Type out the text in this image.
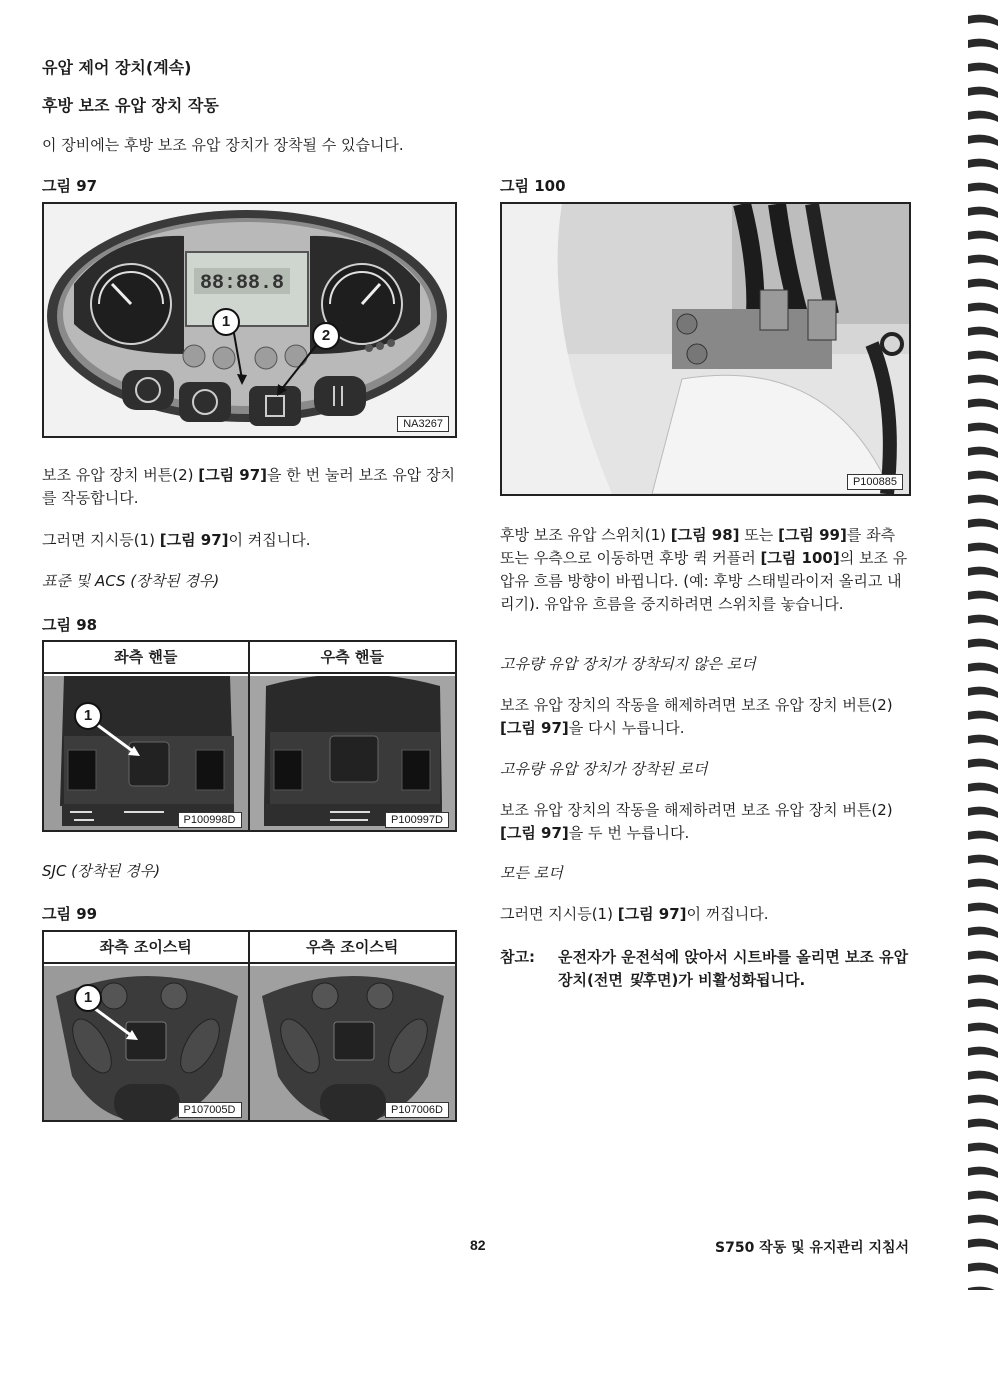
유압 제어 장치(계속)
후방 보조 유압 장치 작동
이 장비에는 후방 보조 유압 장치가 장착될 수 있습니다.
그림 97
88:88.8
1
2
NA3267
보조 유압 장치 버튼(2) [그림 97]을 한 번 눌러 보조 유압 장치를 작동합니다.
그러면 지시등(1) [그림 97]이 켜집니다.
표준 및 ACS (장착된 경우)
그림 98
좌측 핸들
1
P100998D
우측 핸들
P100997D
SJC (장착된 경우)
그림 99
좌측 조이스틱
1
P107005D
우측 조이스틱
P107006D
그림 100
P100885
후방 보조 유압 스위치(1) [그림 98] 또는 [그림 99]를 좌측 또는 우측으로 이동하면 후방 퀵 커플러 [그림 100]의 보조 유압유 흐름 방향이 바뀝니다. (예: 후방 스태빌라이저 올리고 내리기). 유압유 흐름을 중지하려면 스위치를 놓습니다.
고유량 유압 장치가 장착되지 않은 로더
보조 유압 장치의 작동을 해제하려면 보조 유압 장치 버튼(2) [그림 97]을 다시 누릅니다.
고유량 유압 장치가 장착된 로더
보조 유압 장치의 작동을 해제하려면 보조 유압 장치 버튼(2) [그림 97]을 두 번 누릅니다.
모든 로더
그러면 지시등(1) [그림 97]이 꺼집니다.
참고:	운전자가 운전석에 앉아서 시트바를 올리면 보조 유압 장치(전면 및후면)가 비활성화됩니다.
82	S750 작동 및 유지관리 지침서
